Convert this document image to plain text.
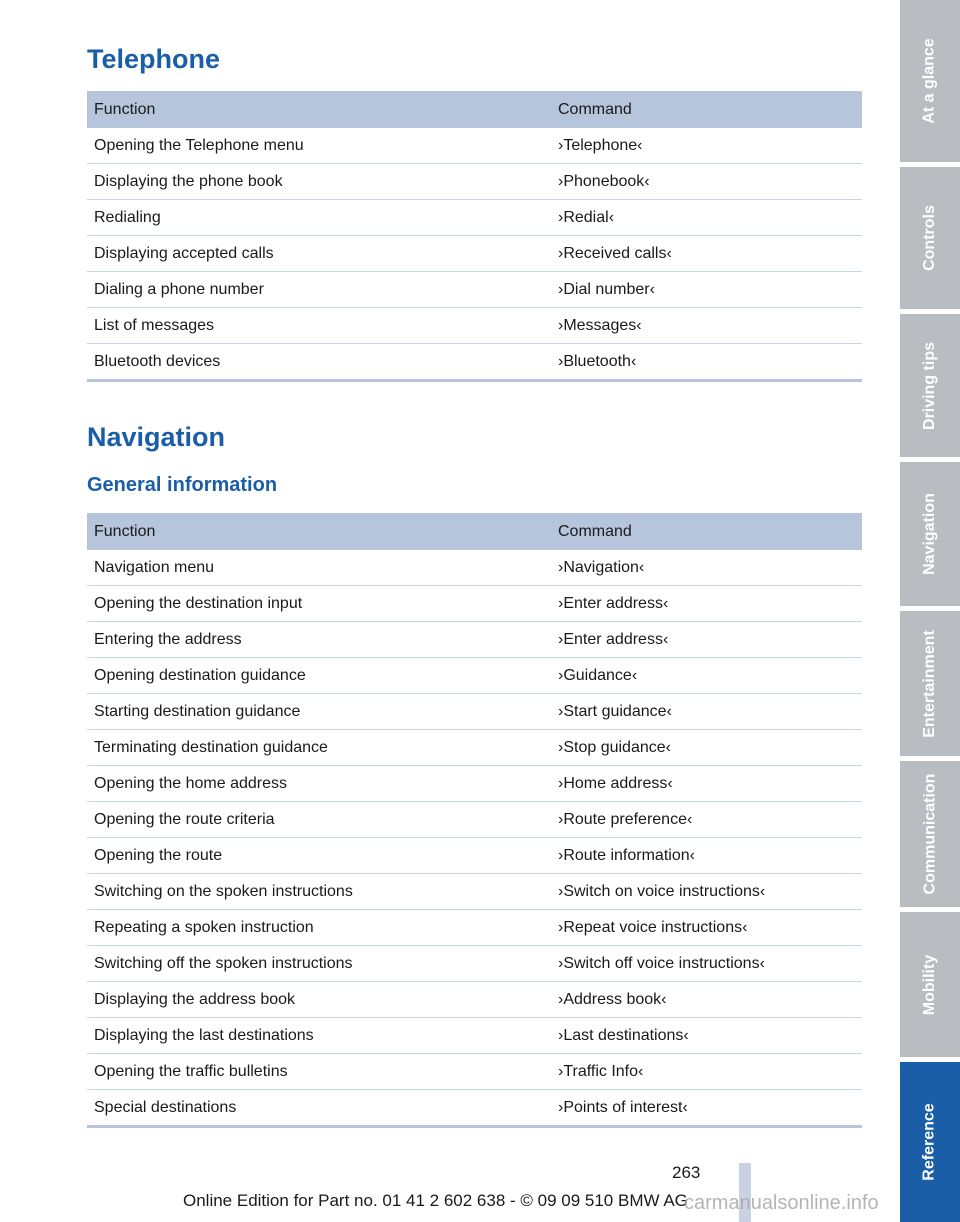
Telephone
Function	Command
Opening the Telephone menu	›Telephone‹
Displaying the phone book	›Phonebook‹
Redialing	›Redial‹
Displaying accepted calls	›Received calls‹
Dialing a phone number	›Dial number‹
List of messages	›Messages‹
Bluetooth devices	›Bluetooth‹
Navigation
General information
Function	Command
Navigation menu	›Navigation‹
Opening the destination input	›Enter address‹
Entering the address	›Enter address‹
Opening destination guidance	›Guidance‹
Starting destination guidance	›Start guidance‹
Terminating destination guidance	›Stop guidance‹
Opening the home address	›Home address‹
Opening the route criteria	›Route preference‹
Opening the route	›Route information‹
Switching on the spoken instructions	›Switch on voice instructions‹
Repeating a spoken instruction	›Repeat voice instructions‹
Switching off the spoken instructions	›Switch off voice instructions‹
Displaying the address book	›Address book‹
Displaying the last destinations	›Last destinations‹
Opening the traffic bulletins	›Traffic Info‹
Special destinations	›Points of interest‹
At a glance
Controls
Driving tips
Navigation
Entertainment
Communication
Mobility
Reference
263
Online Edition for Part no. 01 41 2 602 638 - © 09 09 510 BMW AG
carmanualsonline.info
